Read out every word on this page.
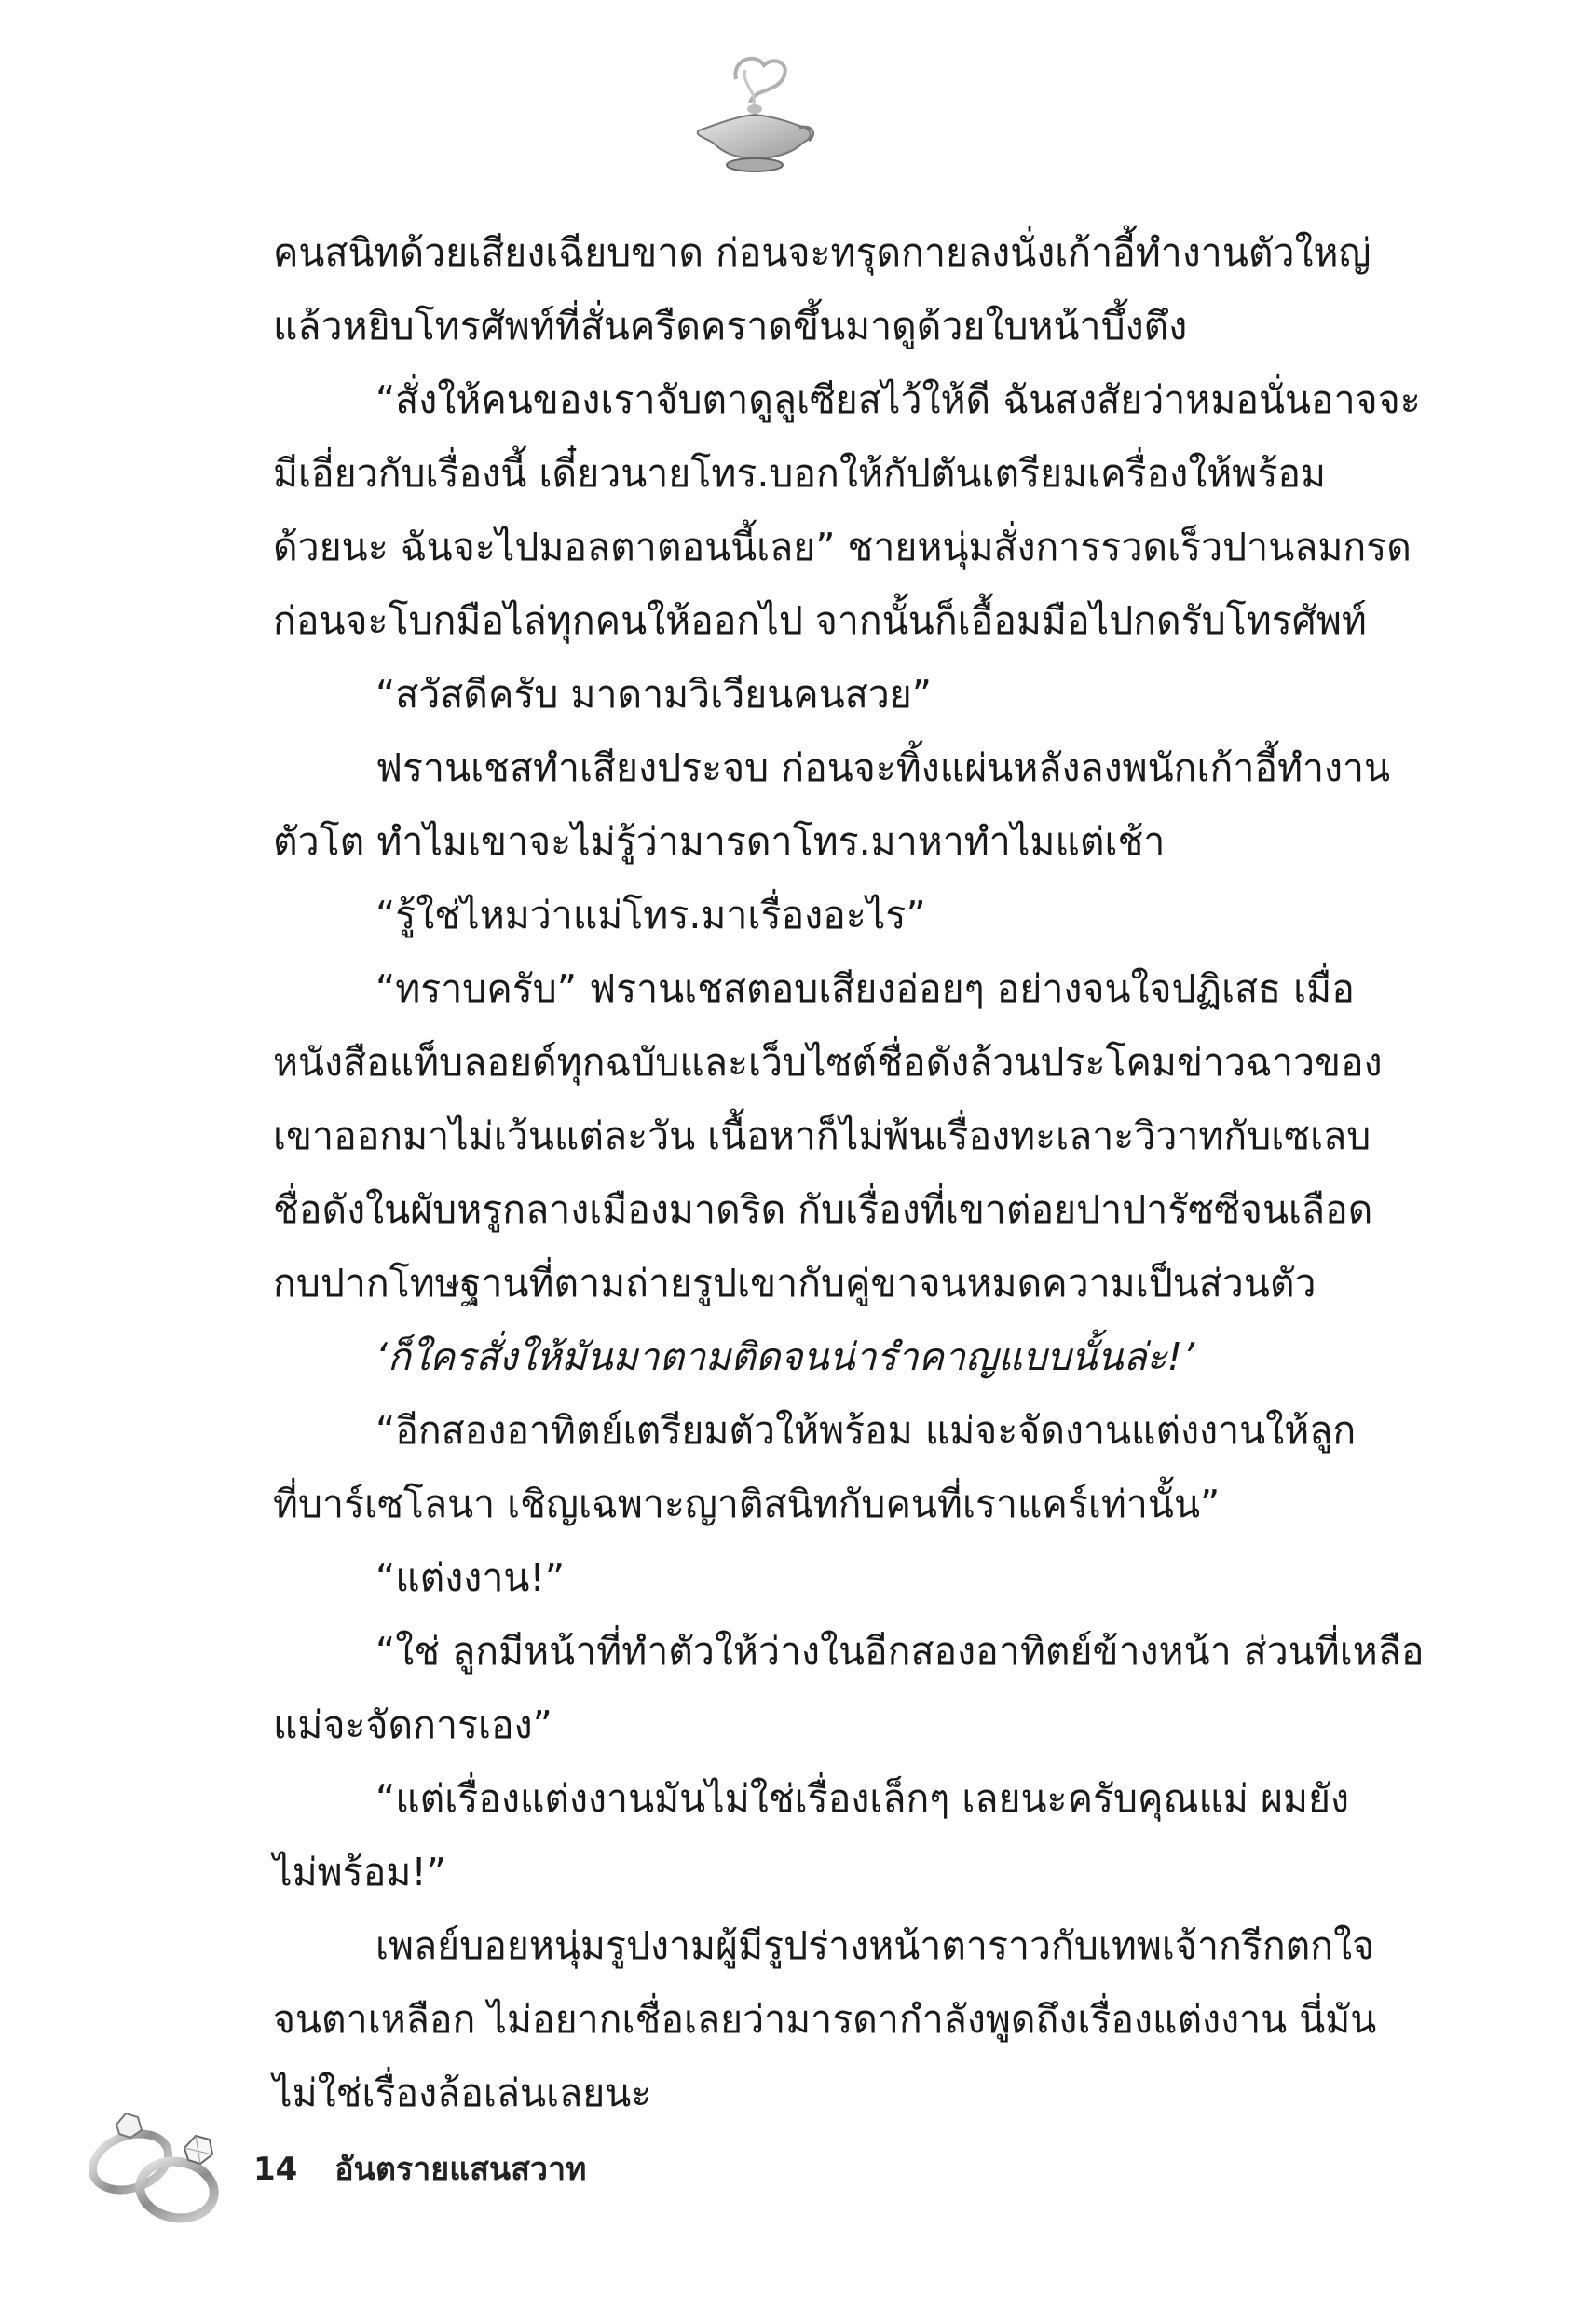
คนสนิทด้วยเสียงเฉียบขาด ก่อนจะทรุดกายลงนั่งเก้าอี้ทำงานตัวใหญ่
แล้วหยิบโทรศัพท์ที่สั่นครืดคราดขึ้นมาดูด้วยใบหน้าบึ้งตึง
“สั่งให้คนของเราจับตาดูลูเซียสไว้ให้ดี ฉันสงสัยว่าหมอนั่นอาจจะ
มีเอี่ยวกับเรื่องนี้ เดี๋ยวนายโทร.บอกให้กัปตันเตรียมเครื่องให้พร้อม
ด้วยนะ ฉันจะไปมอลตาตอนนี้เลย” ชายหนุ่มสั่งการรวดเร็วปานลมกรด
ก่อนจะโบกมือไล่ทุกคนให้ออกไป จากนั้นก็เอื้อมมือไปกดรับโทรศัพท์
“สวัสดีครับ มาดามวิเวียนคนสวย”
ฟรานเชสทำเสียงประจบ ก่อนจะทิ้งแผ่นหลังลงพนักเก้าอี้ทำงาน
ตัวโต ทำไมเขาจะไม่รู้ว่ามารดาโทร.มาหาทำไมแต่เช้า
“รู้ใช่ไหมว่าแม่โทร.มาเรื่องอะไร”
“ทราบครับ” ฟรานเชสตอบเสียงอ่อยๆ อย่างจนใจปฏิเสธ เมื่อ
หนังสือแท็บลอยด์ทุกฉบับและเว็บไซต์ชื่อดังล้วนประโคมข่าวฉาวของ
เขาออกมาไม่เว้นแต่ละวัน เนื้อหาก็ไม่พ้นเรื่องทะเลาะวิวาทกับเซเลบ
ชื่อดังในผับหรูกลางเมืองมาดริด กับเรื่องที่เขาต่อยปาปารัซซีจนเลือด
กบปากโทษฐานที่ตามถ่ายรูปเขากับคู่ขาจนหมดความเป็นส่วนตัว
‘ก็ใครสั่งให้มันมาตามติดจนน่ารำคาญแบบนั้นล่ะ!’
“อีกสองอาทิตย์เตรียมตัวให้พร้อม แม่จะจัดงานแต่งงานให้ลูก
ที่บาร์เซโลนา เชิญเฉพาะญาติสนิทกับคนที่เราแคร์เท่านั้น”
“แต่งงาน!”
“ใช่ ลูกมีหน้าที่ทำตัวให้ว่างในอีกสองอาทิตย์ข้างหน้า ส่วนที่เหลือ
แม่จะจัดการเอง”
“แต่เรื่องแต่งงานมันไม่ใช่เรื่องเล็กๆ เลยนะครับคุณแม่ ผมยัง
ไม่พร้อม!”
เพลย์บอยหนุ่มรูปงามผู้มีรูปร่างหน้าตาราวกับเทพเจ้ากรีกตกใจ
จนตาเหลือก ไม่อยากเชื่อเลยว่ามารดากำลังพูดถึงเรื่องแต่งงาน นี่มัน
ไม่ใช่เรื่องล้อเล่นเลยนะ
14 อันตรายแสนสวาท
